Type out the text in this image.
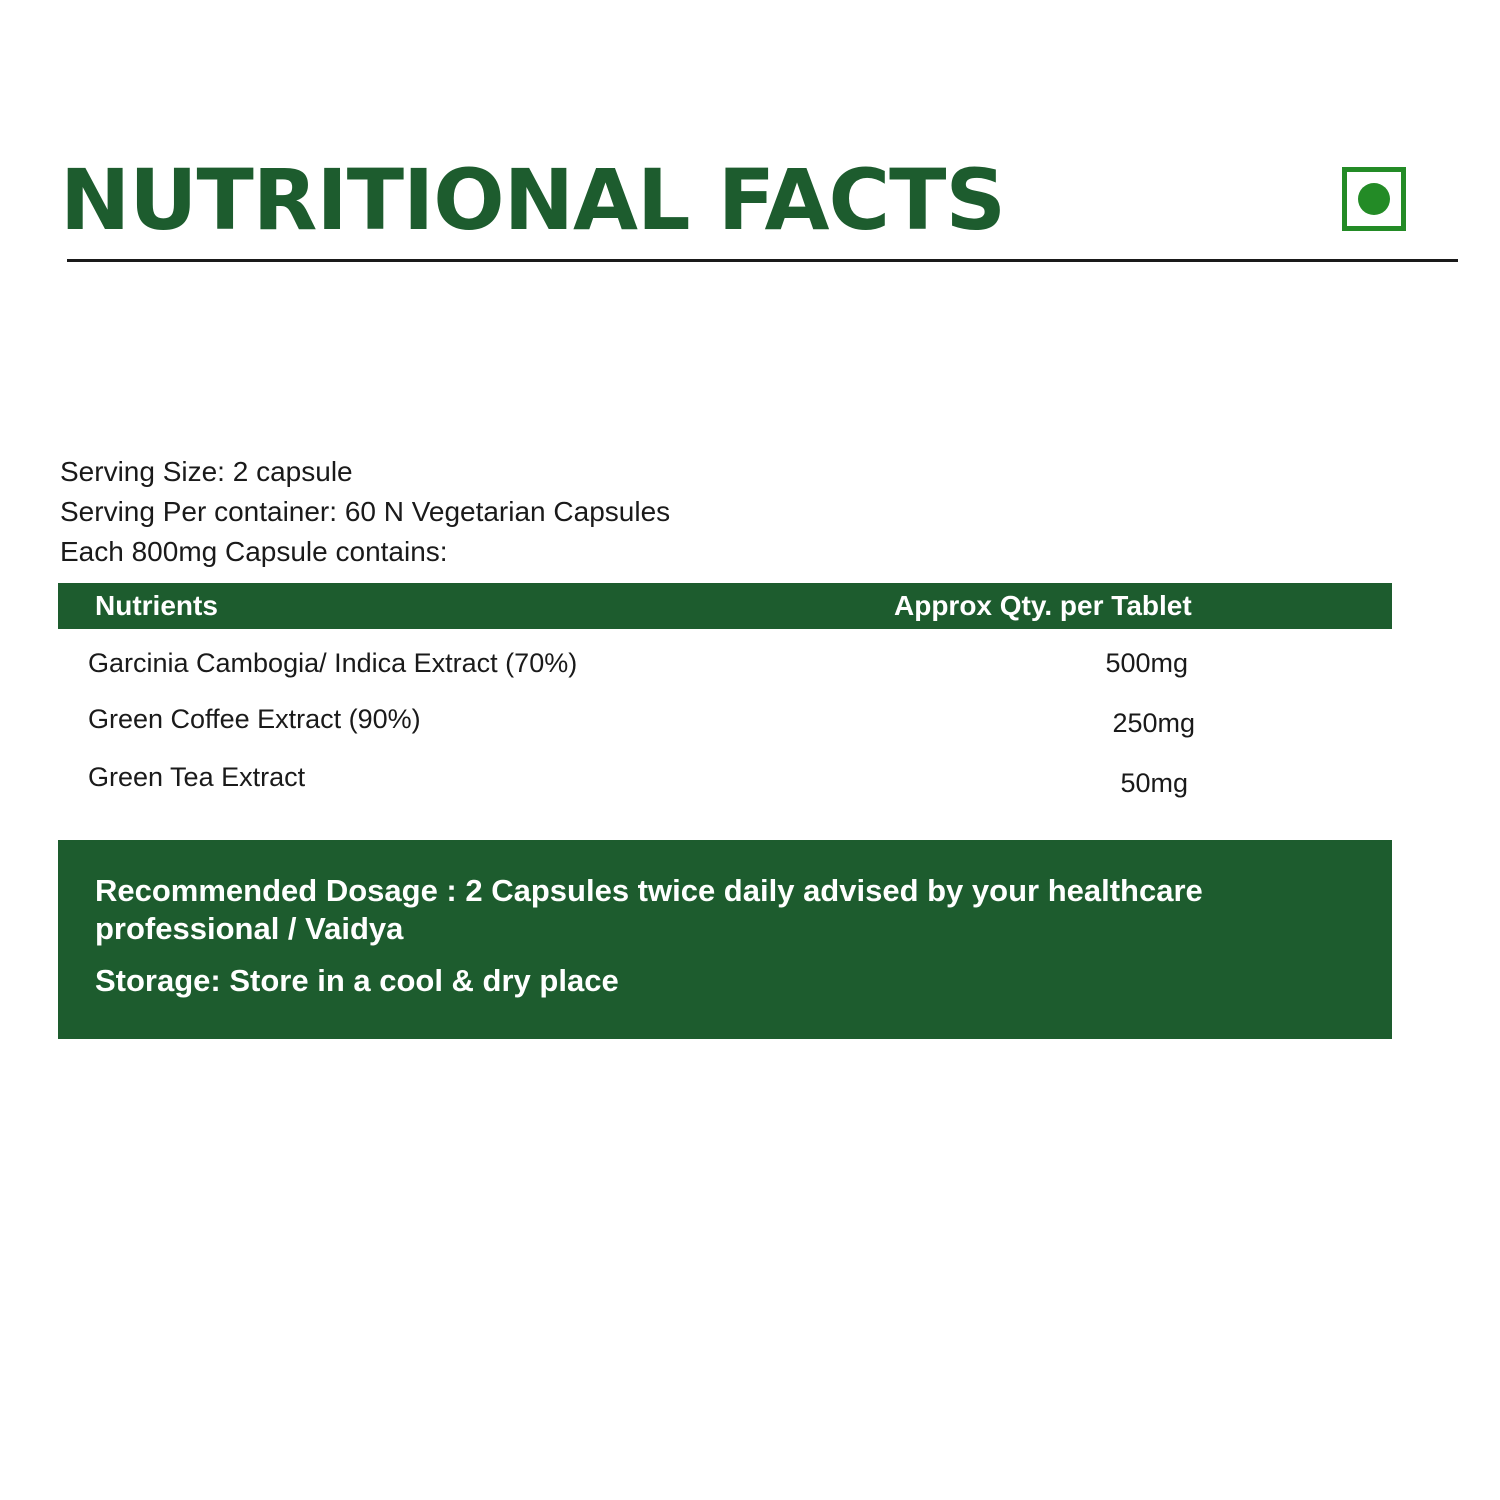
NUTRITIONAL FACTS
Serving Size: 2 capsule
Serving Per container: 60 N Vegetarian Capsules
Each 800mg Capsule contains:
Nutrients	Approx Qty. per Tablet
Garcinia Cambogia/ Indica Extract (70%)	500mg
Green Coffee Extract (90%)	250mg
Green Tea Extract	50mg
Recommended Dosage : 2 Capsules twice daily advised by your healthcare professional / Vaidya
Storage: Store in a cool & dry place
